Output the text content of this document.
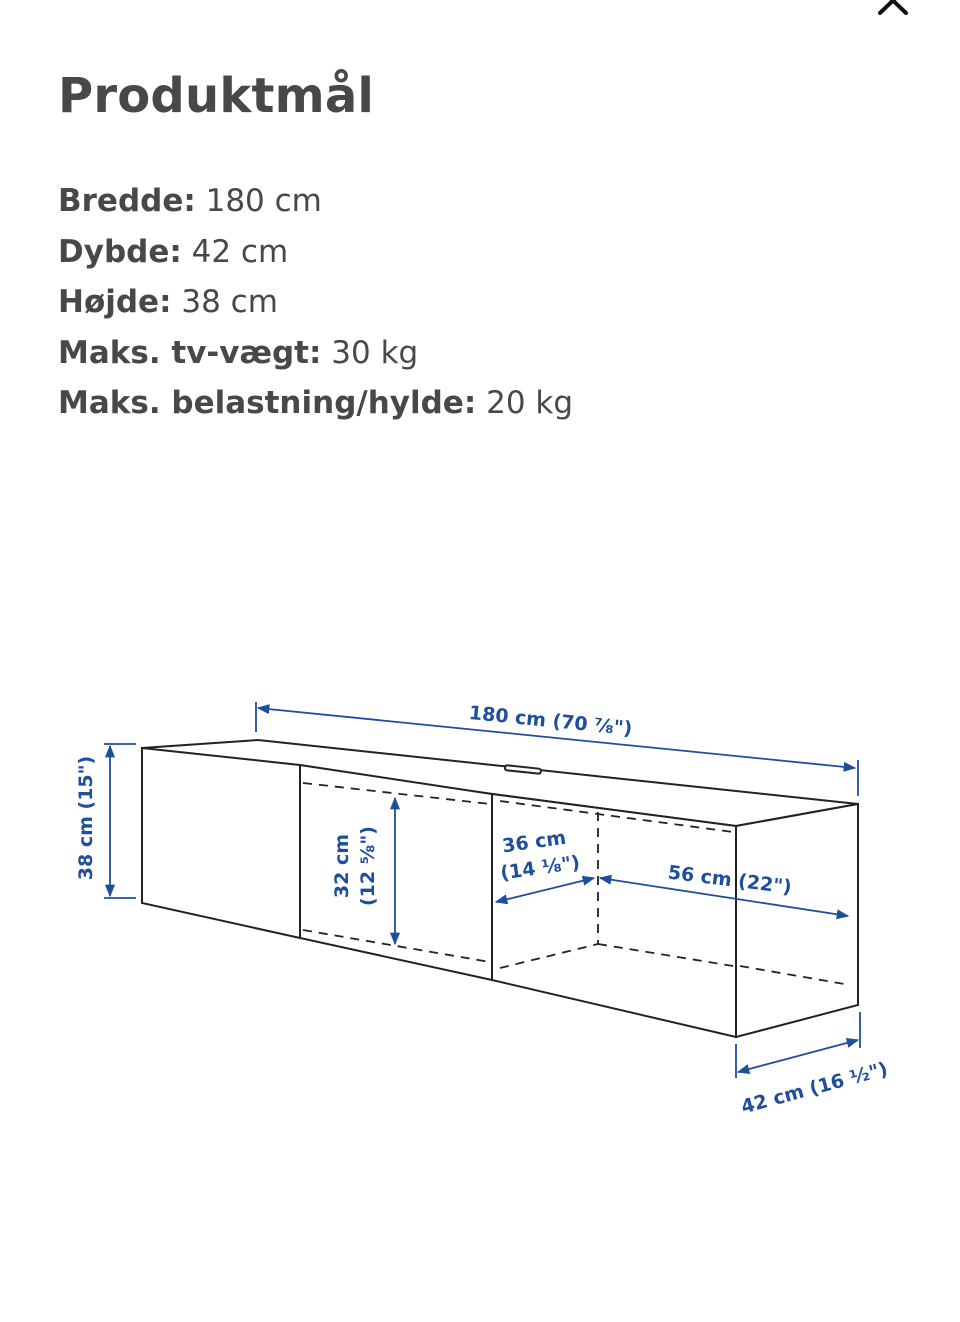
Produktmål
Bredde: 180 cm
Dybde: 42 cm
Højde: 38 cm
Maks. tv-vægt: 30 kg
Maks. belastning/hylde: 20 kg
180 cm (70 ⅞")
38 cm (15")	32 cm (12 ⅝")	36 cm
(14 ⅛")	56 cm (22")
42 cm (16 ½")
